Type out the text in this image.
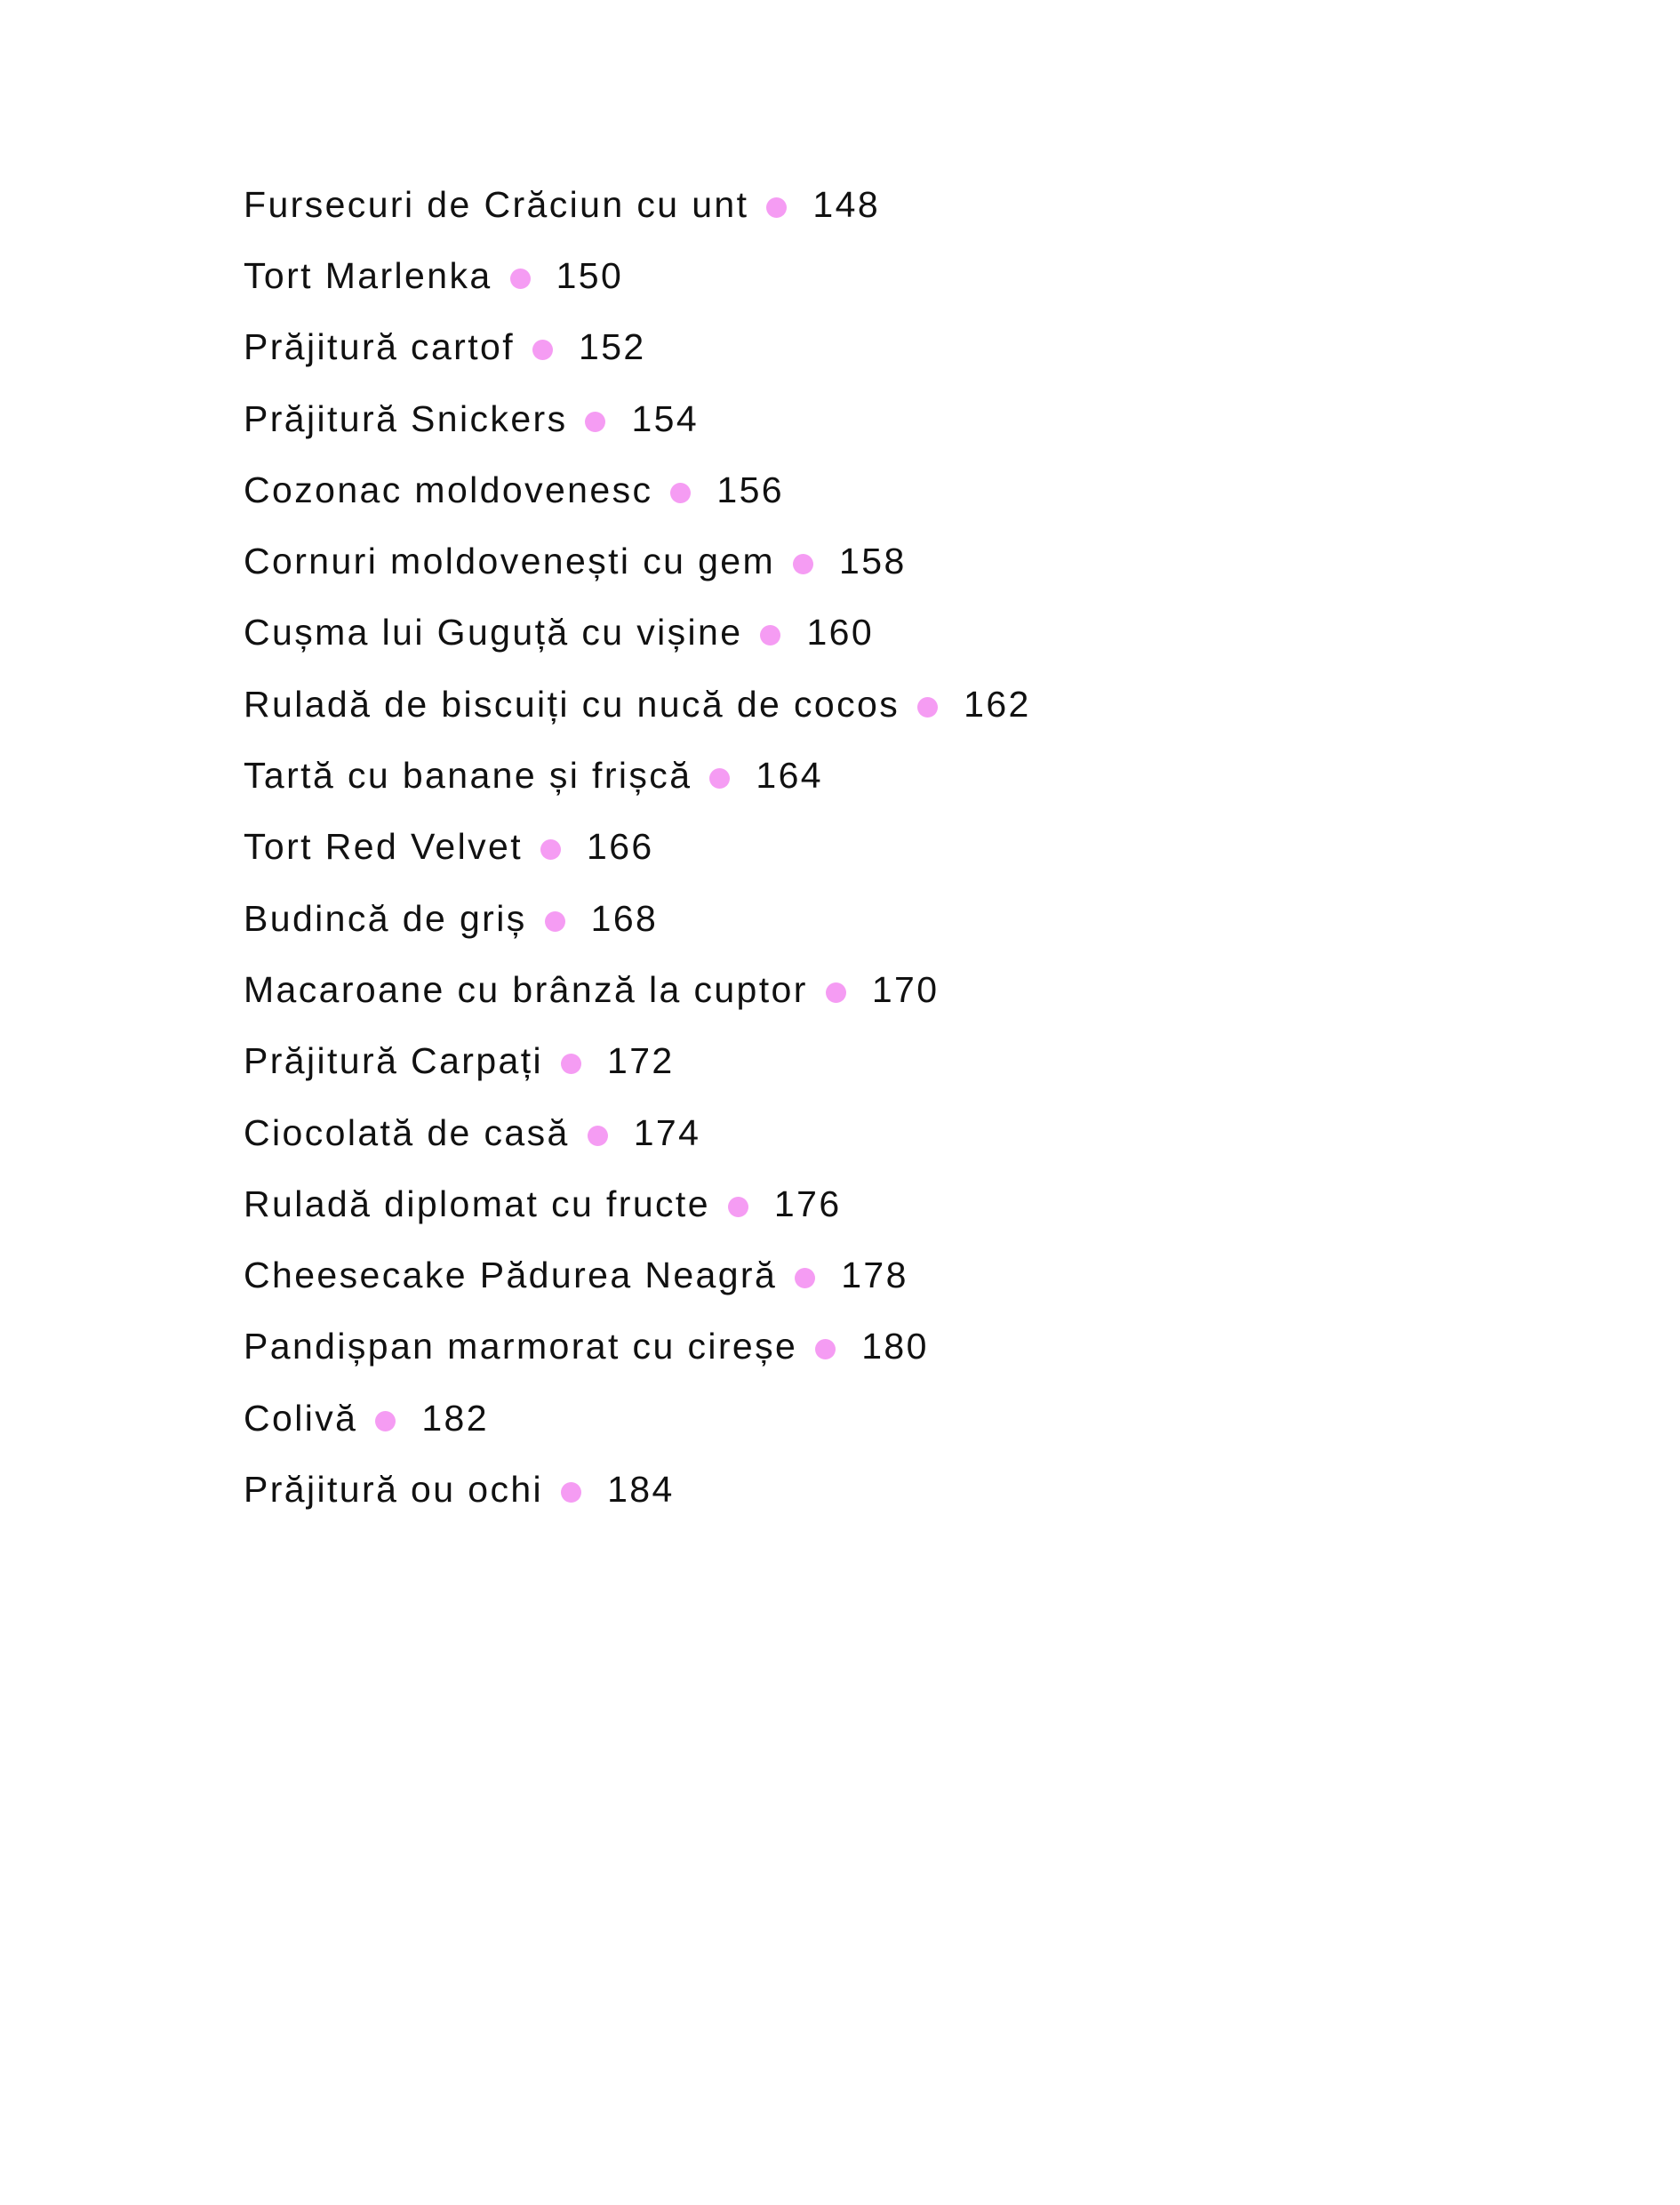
Fursecuri de Crăciun cu unt 148
Tort Marlenka 150
Prăjitură cartof 152
Prăjitură Snickers 154
Cozonac moldovenesc 156
Cornuri moldovenești cu gem 158
Cușma lui Guguță cu vișine 160
Ruladă de biscuiți cu nucă de cocos 162
Tartă cu banane și frișcă 164
Tort Red Velvet 166
Budincă de griș 168
Macaroane cu brânză la cuptor 170
Prăjitură Carpați 172
Ciocolată de casă 174
Ruladă diplomat cu fructe 176
Cheesecake Pădurea Neagră 178
Pandișpan marmorat cu cireșe 180
Colivă 182
Prăjitură ou ochi 184
